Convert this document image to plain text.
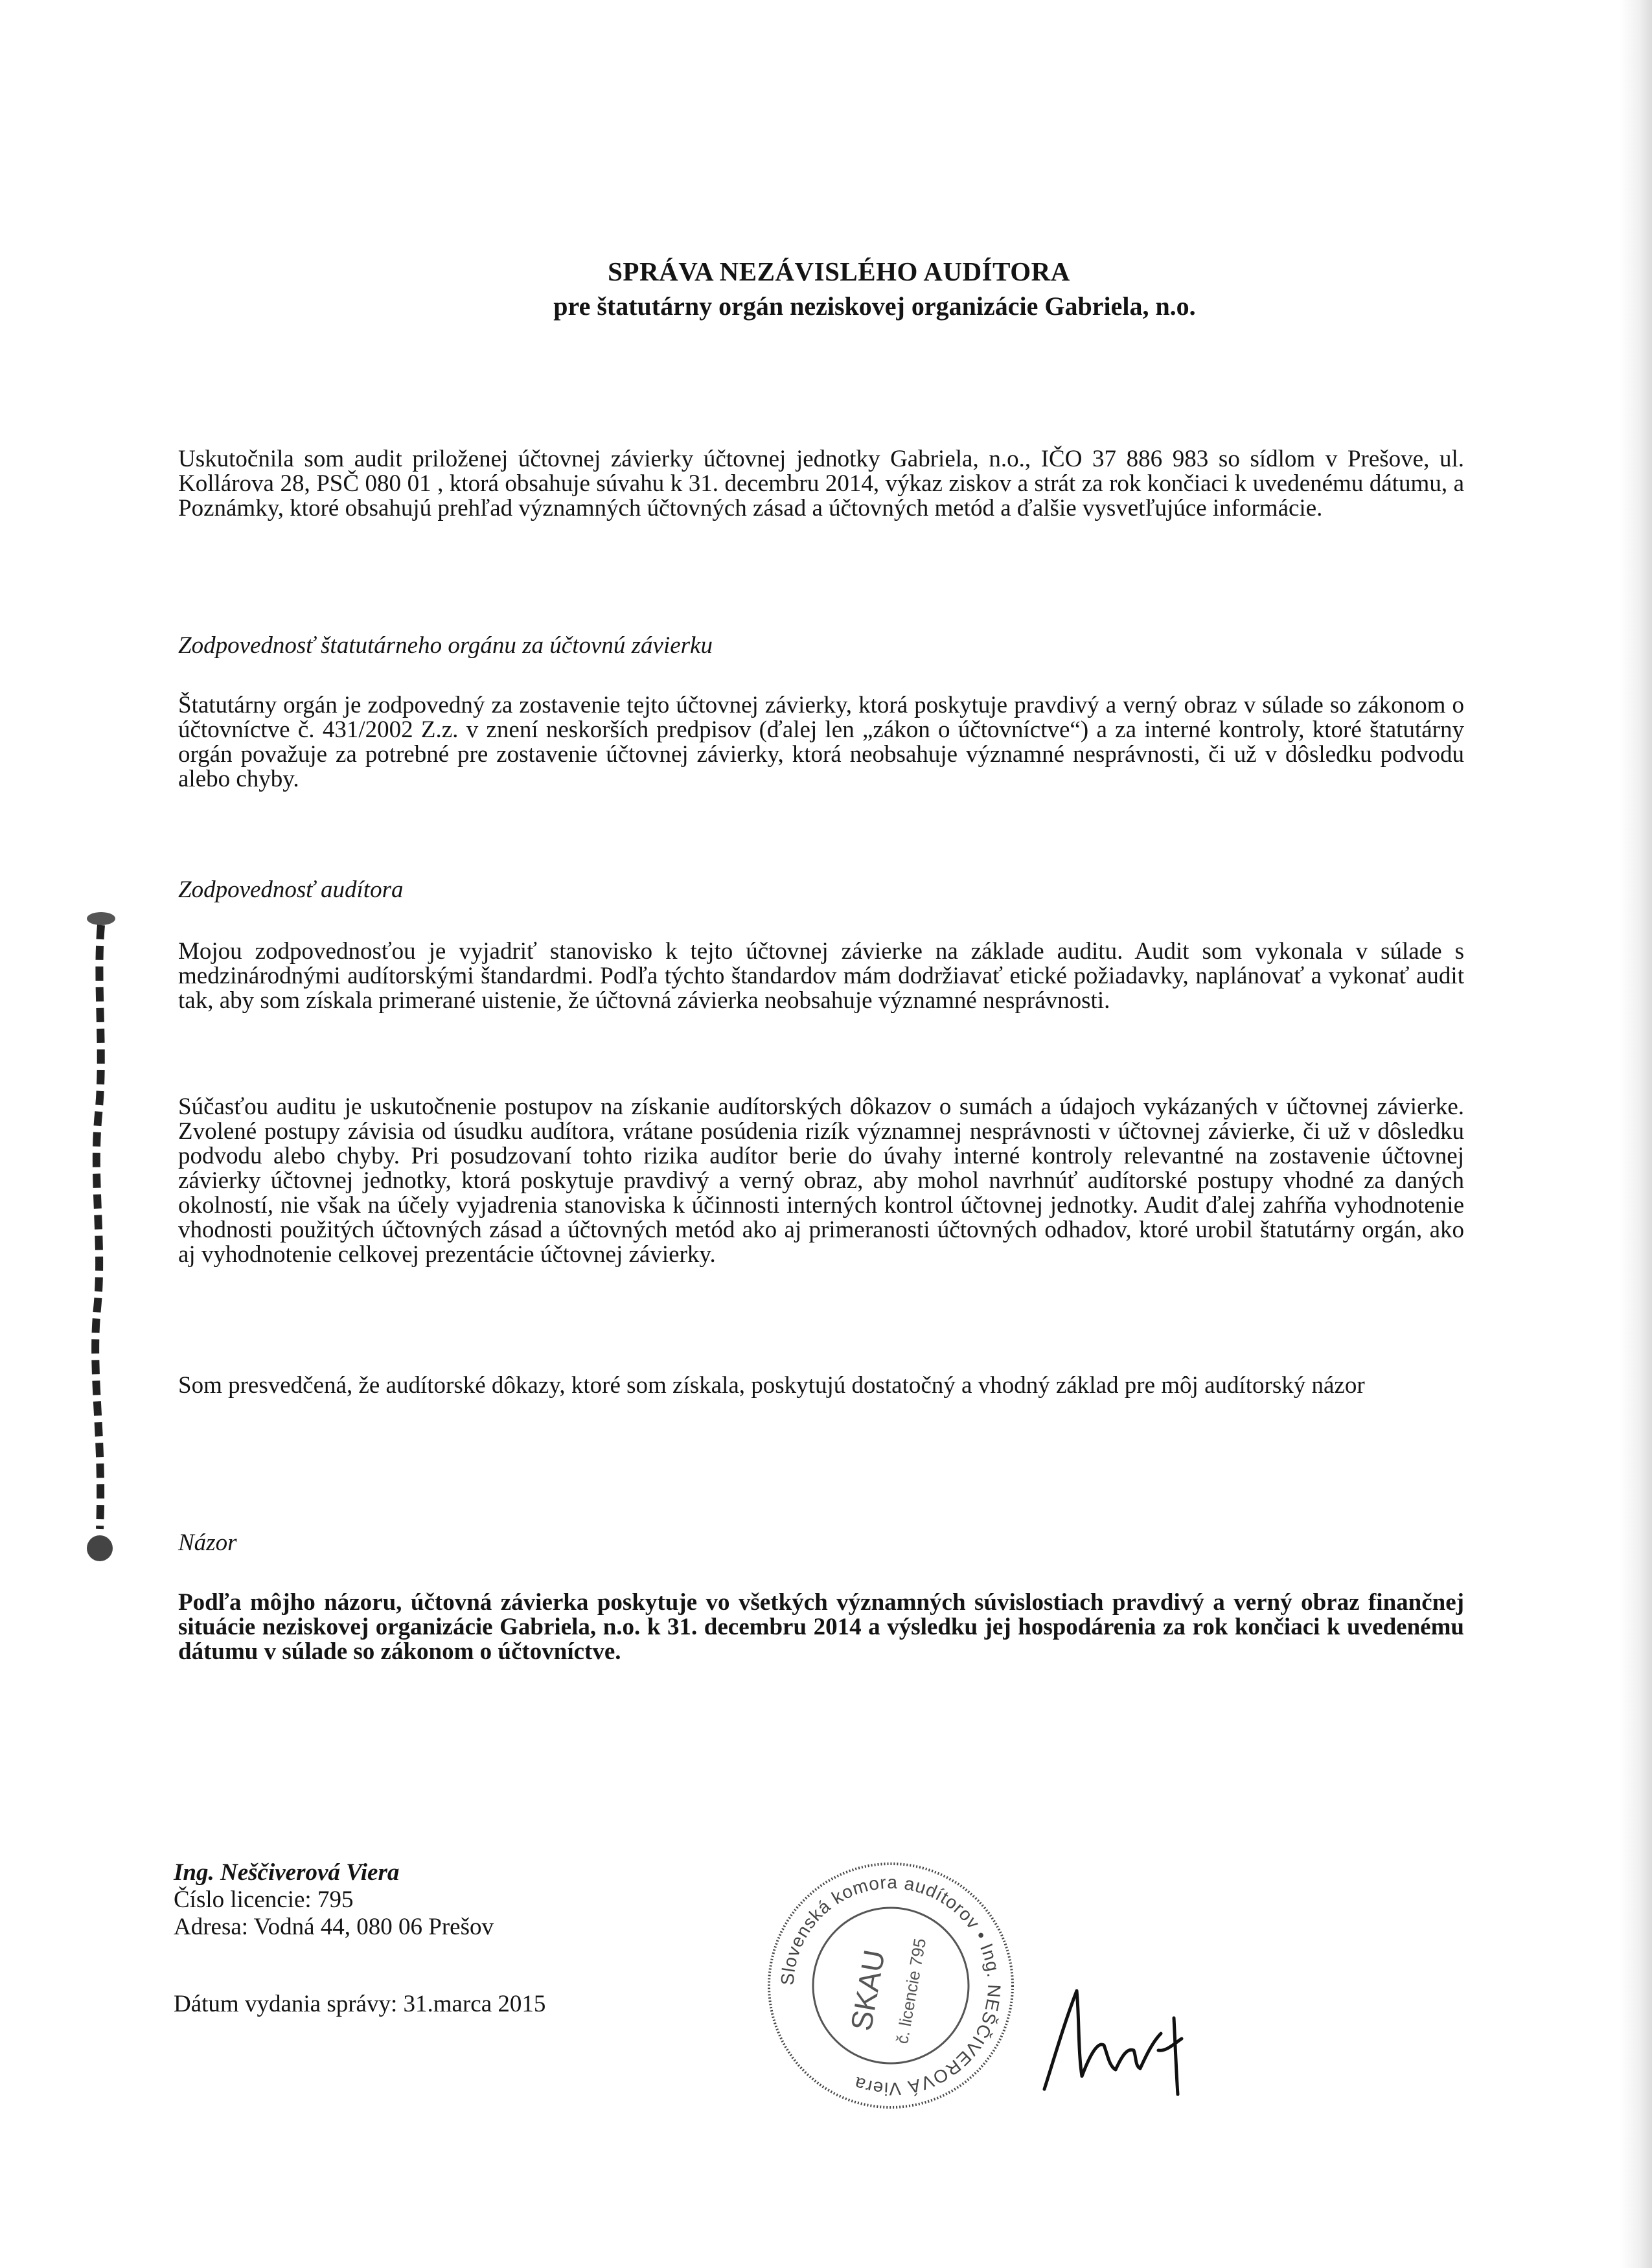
SPRÁVA NEZÁVISLÉHO AUDÍTORA
pre štatutárny orgán neziskovej organizácie Gabriela, n.o.
Uskutočnila som audit priloženej účtovnej závierky účtovnej jednotky Gabriela, n.o., IČO 37 886 983 so sídlom v Prešove, ul. Kollárova 28, PSČ 080 01 , ktorá obsahuje súvahu k 31. decembru 2014, výkaz ziskov a strát za rok končiaci k uvedenému dátumu, a Poznámky, ktoré obsahujú prehľad významných účtovných zásad a účtovných metód a ďalšie vysvetľujúce informácie.
Zodpovednosť štatutárneho orgánu za účtovnú závierku
Štatutárny orgán je zodpovedný za zostavenie tejto účtovnej závierky, ktorá poskytuje pravdivý a verný obraz v súlade so zákonom o účtovníctve č. 431/2002 Z.z. v znení neskorších predpisov (ďalej len „zákon o účtovníctve“) a za interné kontroly, ktoré štatutárny orgán považuje za potrebné pre zostavenie účtovnej závierky, ktorá neobsahuje významné nesprávnosti, či už v dôsledku podvodu alebo chyby.
Zodpovednosť audítora
Mojou zodpovednosťou je vyjadriť stanovisko k tejto účtovnej závierke na základe auditu. Audit som vykonala v súlade s medzinárodnými audítorskými štandardmi. Podľa týchto štandardov mám dodržiavať etické požiadavky, naplánovať a vykonať audit tak, aby som získala primerané uistenie, že účtovná závierka neobsahuje významné nesprávnosti.
Súčasťou auditu je uskutočnenie postupov na získanie audítorských dôkazov o sumách a údajoch vykázaných v účtovnej závierke. Zvolené postupy závisia od úsudku audítora, vrátane posúdenia rizík významnej nesprávnosti v účtovnej závierke, či už v dôsledku podvodu alebo chyby. Pri posudzovaní tohto rizika audítor berie do úvahy interné kontroly relevantné na zostavenie účtovnej závierky účtovnej jednotky, ktorá poskytuje pravdivý a verný obraz, aby mohol navrhnúť audítorské postupy vhodné za daných okolností, nie však na účely vyjadrenia stanoviska k účinnosti interných kontrol účtovnej jednotky. Audit ďalej zahŕňa vyhodnotenie vhodnosti použitých účtovných zásad a účtovných metód ako aj primeranosti účtovných odhadov, ktoré urobil štatutárny orgán, ako aj vyhodnotenie celkovej prezentácie účtovnej závierky.
Som presvedčená, že audítorské dôkazy, ktoré som získala, poskytujú dostatočný a vhodný základ pre môj audítorský názor
Názor
Podľa môjho názoru, účtovná závierka poskytuje vo všetkých významných súvislostiach pravdivý a verný obraz finančnej situácie neziskovej organizácie Gabriela, n.o. k 31. decembru 2014 a výsledku jej hospodárenia za rok končiaci k uvedenému dátumu v súlade so zákonom o účtovníctve.
Ing. Neščiverová Viera
Číslo licencie: 795
Adresa: Vodná 44, 080 06 Prešov
Dátum vydania správy: 31.marca 2015
Slovenská komora audítorov • Ing. NEŠČIVEROVÁ Viera
SKAU č. licencie 795
